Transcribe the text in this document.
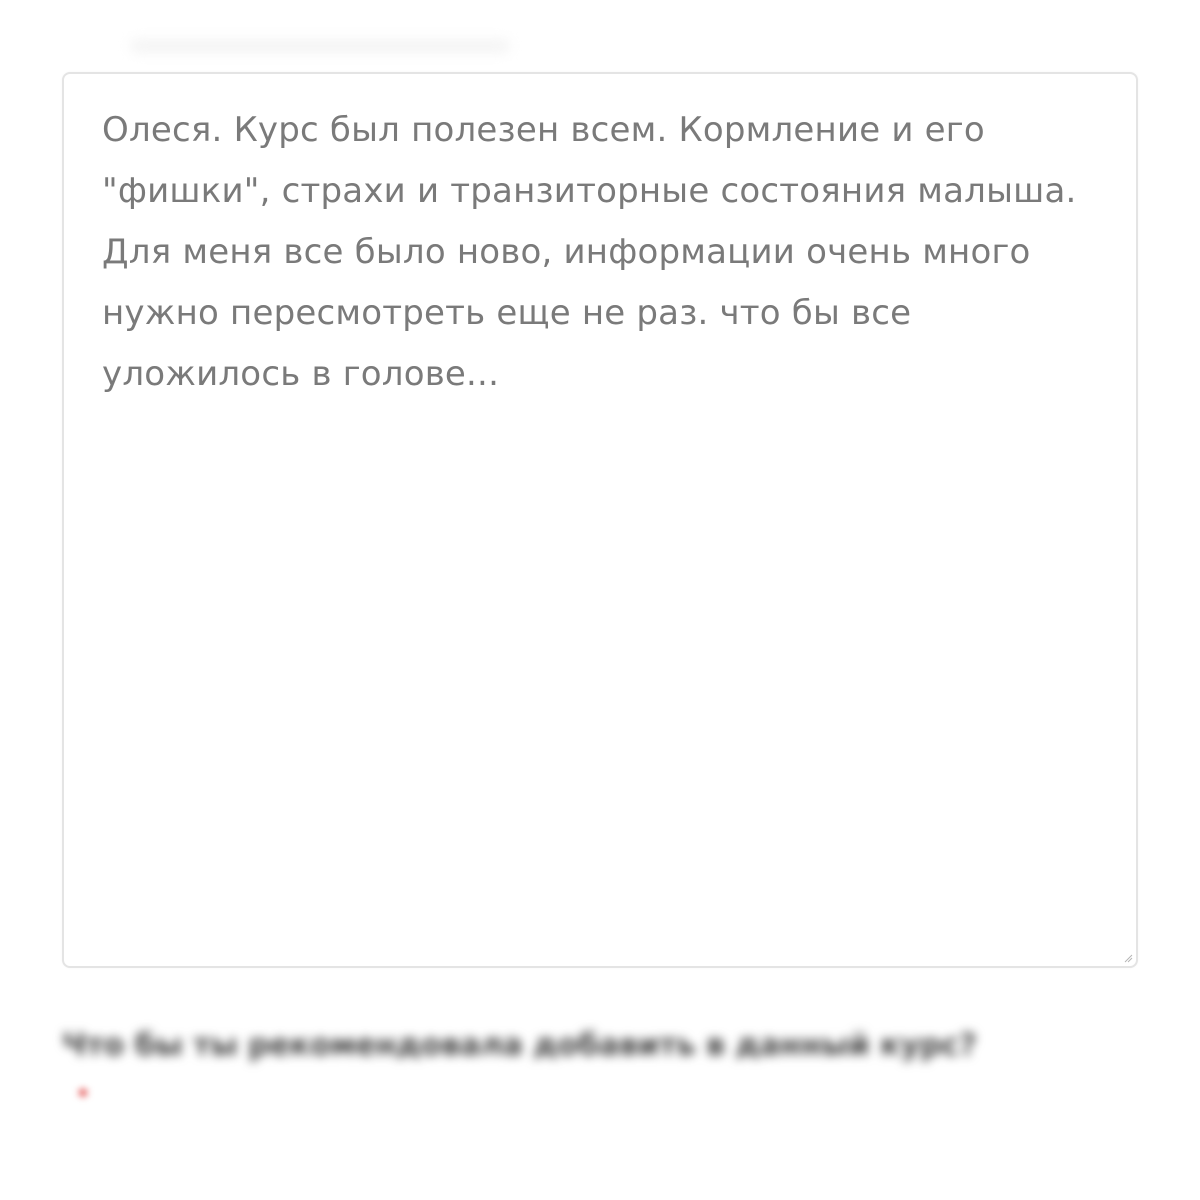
Олеся. Курс был полезен всем. Кормление и его "фишки", страхи и транзиторные состояния малыша. Для меня все было ново, информации очень много  нужно пересмотреть еще не раз. что бы все уложилось в голове...

Что бы ты рекомендовала добавить в данный курс?
*
